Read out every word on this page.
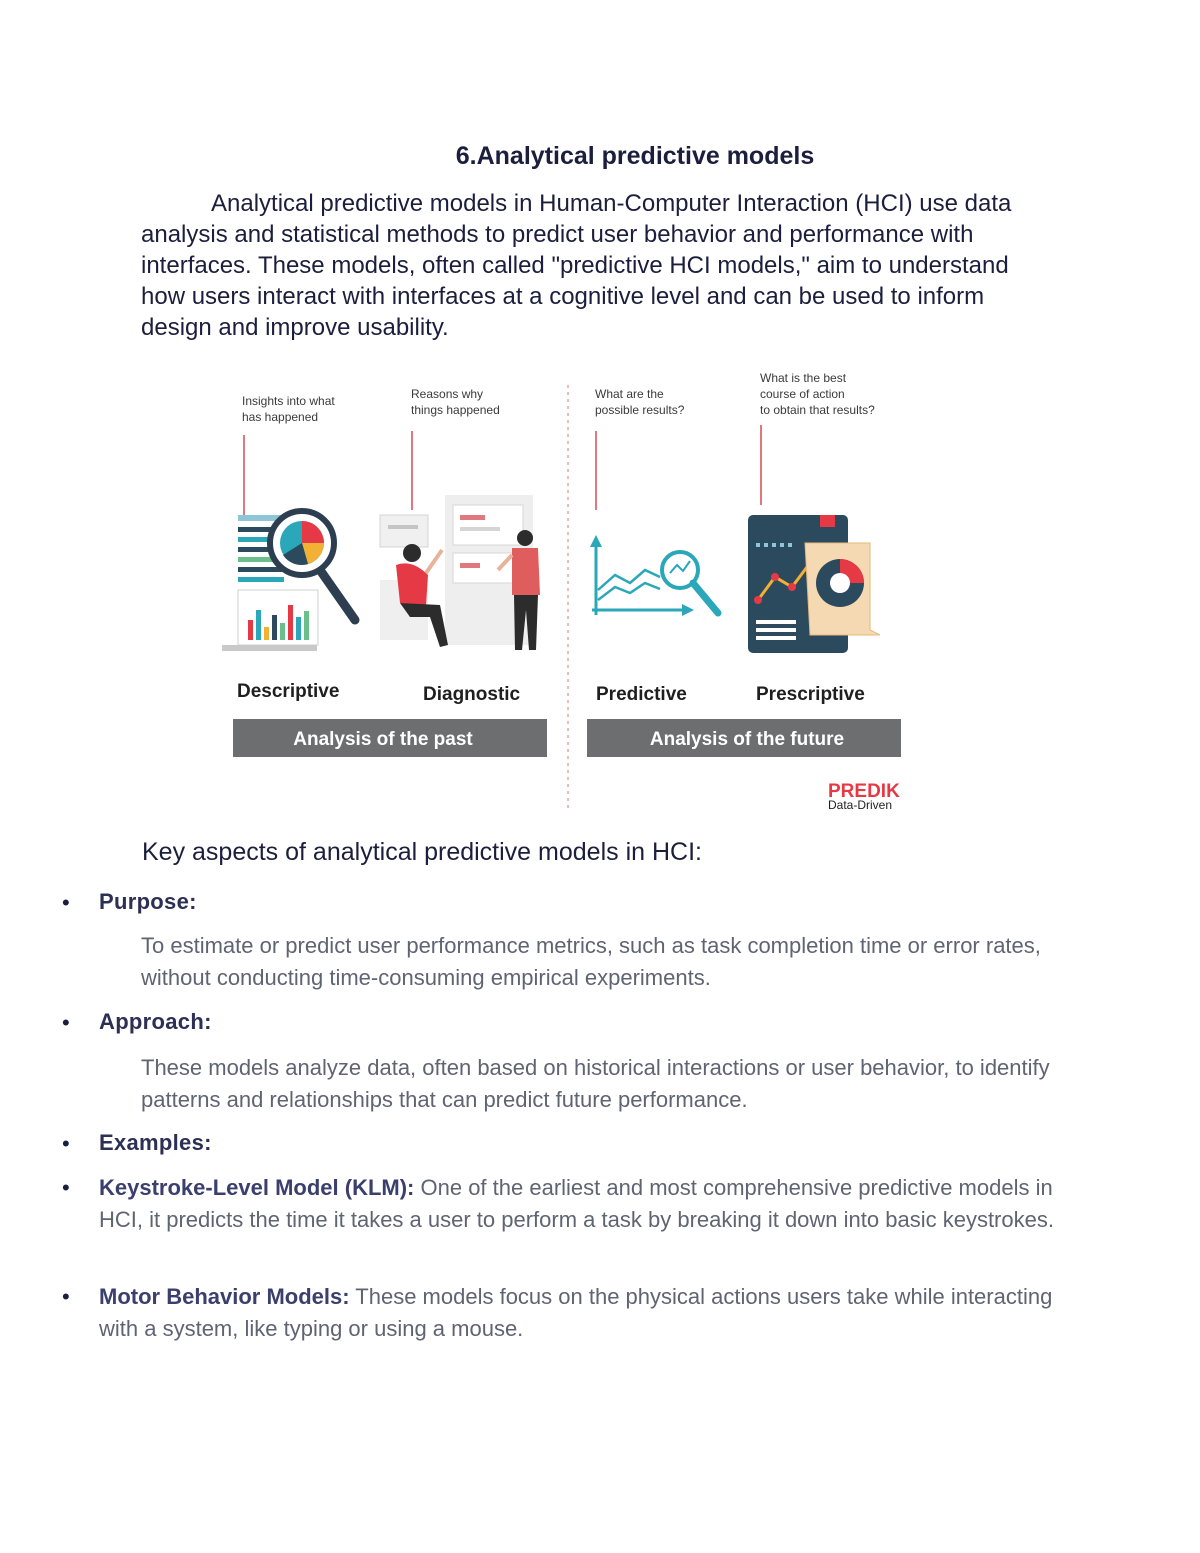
6.Analytical predictive models
Analytical predictive models in Human-Computer Interaction (HCI) use data analysis and statistical methods to predict user behavior and performance with interfaces. These models, often called "predictive HCI models," aim to understand how users interact with interfaces at a cognitive level and can be used to inform design and improve usability.
Insights into what
has happened
Reasons why
things happened
What are the
possible results?
What is the best
course of action
to obtain that results?
Descriptive	Diagnostic	Predictive	Prescriptive
Analysis of the past	Analysis of the future
PREDIK
Data-Driven
Key aspects of analytical predictive models in HCI:
• Purpose:
To estimate or predict user performance metrics, such as task completion time or error rates, without conducting time-consuming empirical experiments.
• Approach:
These models analyze data, often based on historical interactions or user behavior, to identify patterns and relationships that can predict future performance.
• Examples:
• Keystroke-Level Model (KLM): One of the earliest and most comprehensive predictive models in HCI, it predicts the time it takes a user to perform a task by breaking it down into basic keystrokes.
• Motor Behavior Models: These models focus on the physical actions users take while interacting with a system, like typing or using a mouse.
